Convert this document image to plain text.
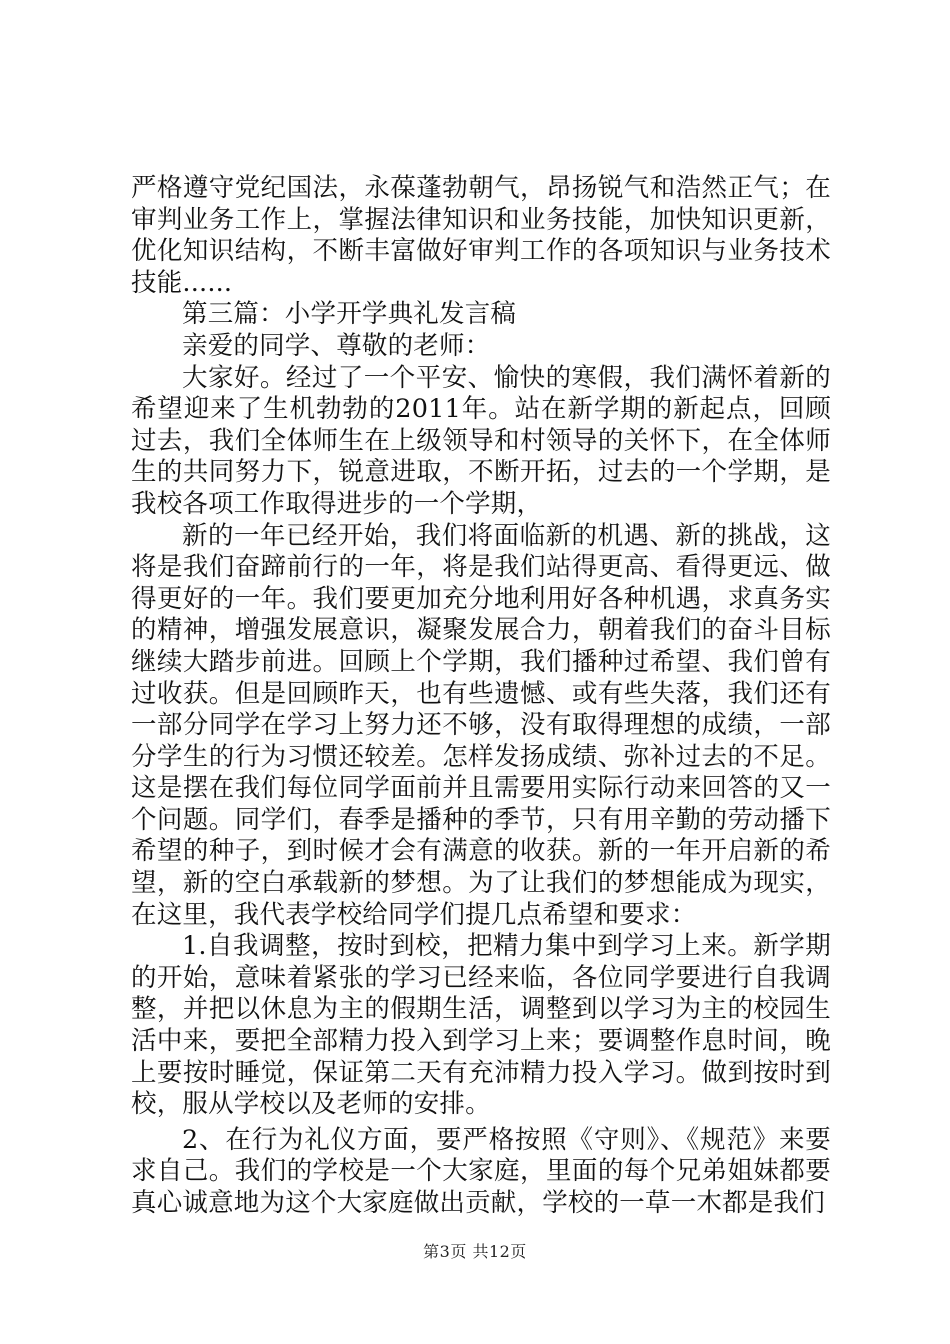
严格遵守党纪国法，永葆蓬勃朝气，昂扬锐气和浩然正气；在审判业务工作上，掌握法律知识和业务技能，加快知识更新，优化知识结构，不断丰富做好审判工作的各项知识与业务技术技能......

第三篇：小学开学典礼发言稿

亲爱的同学、尊敬的老师：

大家好。经过了一个平安、愉快的寒假，我们满怀着新的希望迎来了生机勃勃的2011年。站在新学期的新起点，回顾过去，我们全体师生在上级领导和村领导的关怀下，在全体师生的共同努力下，锐意进取，不断开拓，过去的一个学期，是我校各项工作取得进步的一个学期，

新的一年已经开始，我们将面临新的机遇、新的挑战，这将是我们奋蹄前行的一年，将是我们站得更高、看得更远、做得更好的一年。我们要更加充分地利用好各种机遇，求真务实的精神，增强发展意识，凝聚发展合力，朝着我们的奋斗目标继续大踏步前进。回顾上个学期，我们播种过希望、我们曾有过收获。但是回顾昨天，也有些遗憾、或有些失落，我们还有一部分同学在学习上努力还不够，没有取得理想的成绩，一部分学生的行为习惯还较差。怎样发扬成绩、弥补过去的不足。这是摆在我们每位同学面前并且需要用实际行动来回答的又一个问题。同学们，春季是播种的季节，只有用辛勤的劳动播下希望的种子，到时候才会有满意的收获。新的一年开启新的希望，新的空白承载新的梦想。为了让我们的梦想能成为现实，在这里，我代表学校给同学们提几点希望和要求：

1.自我调整，按时到校，把精力集中到学习上来。新学期的开始，意味着紧张的学习已经来临，各位同学要进行自我调整，并把以休息为主的假期生活，调整到以学习为主的校园生活中来，要把全部精力投入到学习上来；要调整作息时间，晚上要按时睡觉，保证第二天有充沛精力投入学习。做到按时到校，服从学校以及老师的安排。

2、在行为礼仪方面，要严格按照《守则》、《规范》来要求自己。我们的学校是一个大家庭，里面的每个兄弟姐妹都要真心诚意地为这个大家庭做出贡献，学校的一草一木都是我们

第3页 共12页
